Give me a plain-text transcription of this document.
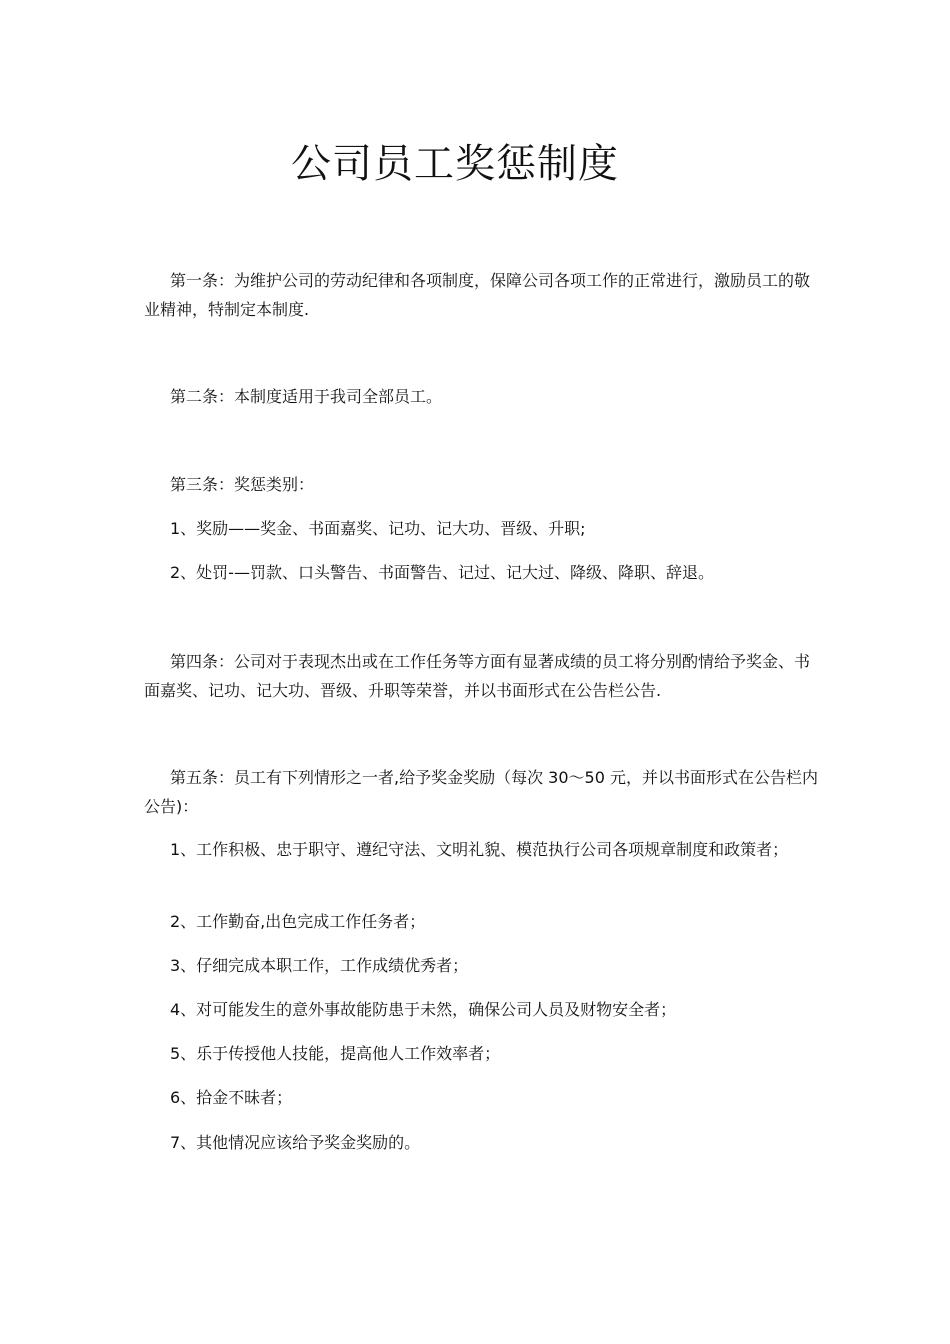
公司员工奖惩制度

第一条：为维护公司的劳动纪律和各项制度，保障公司各项工作的正常进行，激励员工的敬业精神，特制定本制度.

第二条：本制度适用于我司全部员工。

第三条：奖惩类别：

1、奖励——奖金、书面嘉奖、记功、记大功、晋级、升职;

2、处罚-—罚款、口头警告、书面警告、记过、记大过、降级、降职、辞退。

第四条：公司对于表现杰出或在工作任务等方面有显著成绩的员工将分别酌情给予奖金、书面嘉奖、记功、记大功、晋级、升职等荣誉，并以书面形式在公告栏公告.

第五条：员工有下列情形之一者,给予奖金奖励（每次 30～50 元，并以书面形式在公告栏内公告)：

1、工作积极、忠于职守、遵纪守法、文明礼貌、模范执行公司各项规章制度和政策者；

2、工作勤奋,出色完成工作任务者；

3、仔细完成本职工作，工作成绩优秀者；

4、对可能发生的意外事故能防患于未然，确保公司人员及财物安全者；

5、乐于传授他人技能，提高他人工作效率者；

6、拾金不昧者；

7、其他情况应该给予奖金奖励的。
